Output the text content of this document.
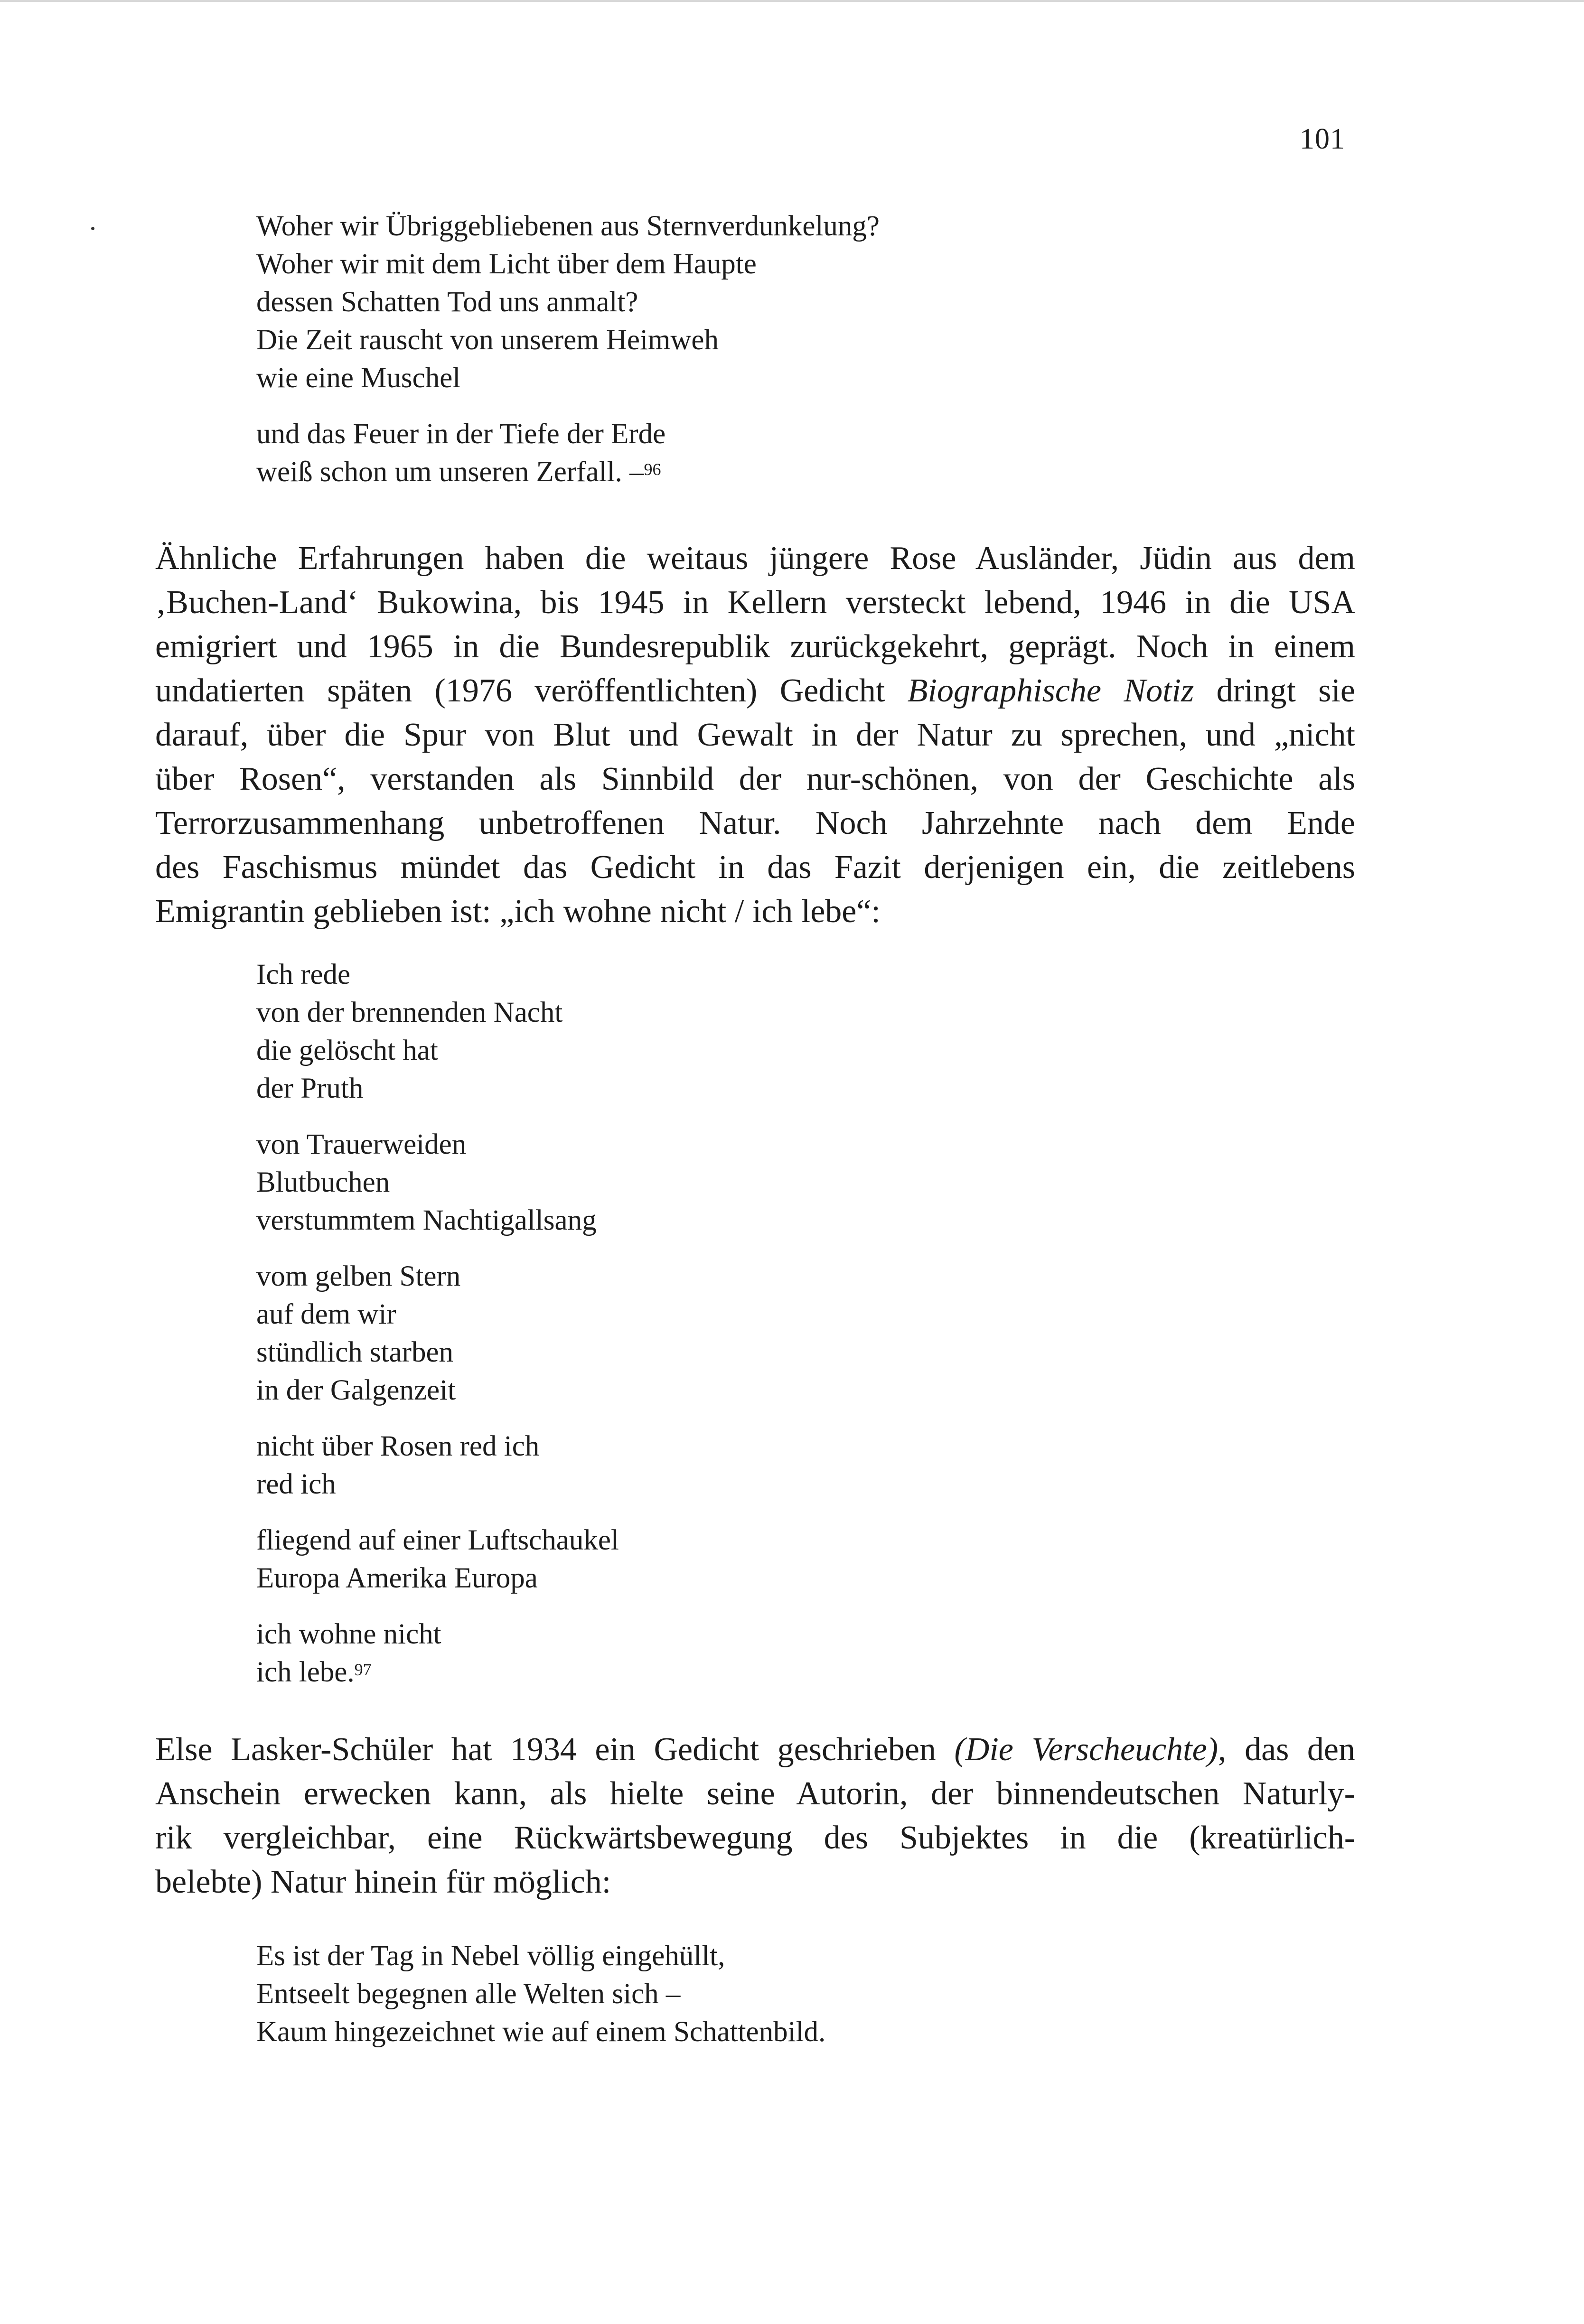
101
Woher wir Übriggebliebenen aus Sternverdunkelung?
Woher wir mit dem Licht über dem Haupte
dessen Schatten Tod uns anmalt?
Die Zeit rauscht von unserem Heimweh
wie eine Muschel
und das Feuer in der Tiefe der Erde
weiß schon um unseren Zerfall. –$^{96}$
Ähnliche Erfahrungen haben die weitaus jüngere Rose Ausländer, Jüdin aus dem
‚Buchen-Land‘ Bukowina, bis 1945 in Kellern versteckt lebend, 1946 in die USA
emigriert und 1965 in die Bundesrepublik zurückgekehrt, geprägt. Noch in einem
undatierten späten (1976 veröffentlichten) Gedicht Biographische Notiz dringt sie
darauf, über die Spur von Blut und Gewalt in der Natur zu sprechen, und „nicht
über Rosen“, verstanden als Sinnbild der nur-schönen, von der Geschichte als
Terrorzusammenhang unbetroffenen Natur. Noch Jahrzehnte nach dem Ende
des Faschismus mündet das Gedicht in das Fazit derjenigen ein, die zeitlebens
Emigrantin geblieben ist: „ich wohne nicht / ich lebe“:
Ich rede
von der brennenden Nacht
die gelöscht hat
der Pruth
von Trauerweiden
Blutbuchen
verstummtem Nachtigallsang
vom gelben Stern
auf dem wir
stündlich starben
in der Galgenzeit
nicht über Rosen red ich
red ich
fliegend auf einer Luftschaukel
Europa Amerika Europa
ich wohne nicht
ich lebe.$^{97}$
Else Lasker-Schüler hat 1934 ein Gedicht geschrieben (Die Verscheuchte), das den
Anschein erwecken kann, als hielte seine Autorin, der binnendeutschen Naturly-
rik vergleichbar, eine Rückwärtsbewegung des Subjektes in die (kreatürlich-
belebte) Natur hinein für möglich:
Es ist der Tag in Nebel völlig eingehüllt,
Entseelt begegnen alle Welten sich –
Kaum hingezeichnet wie auf einem Schattenbild.
